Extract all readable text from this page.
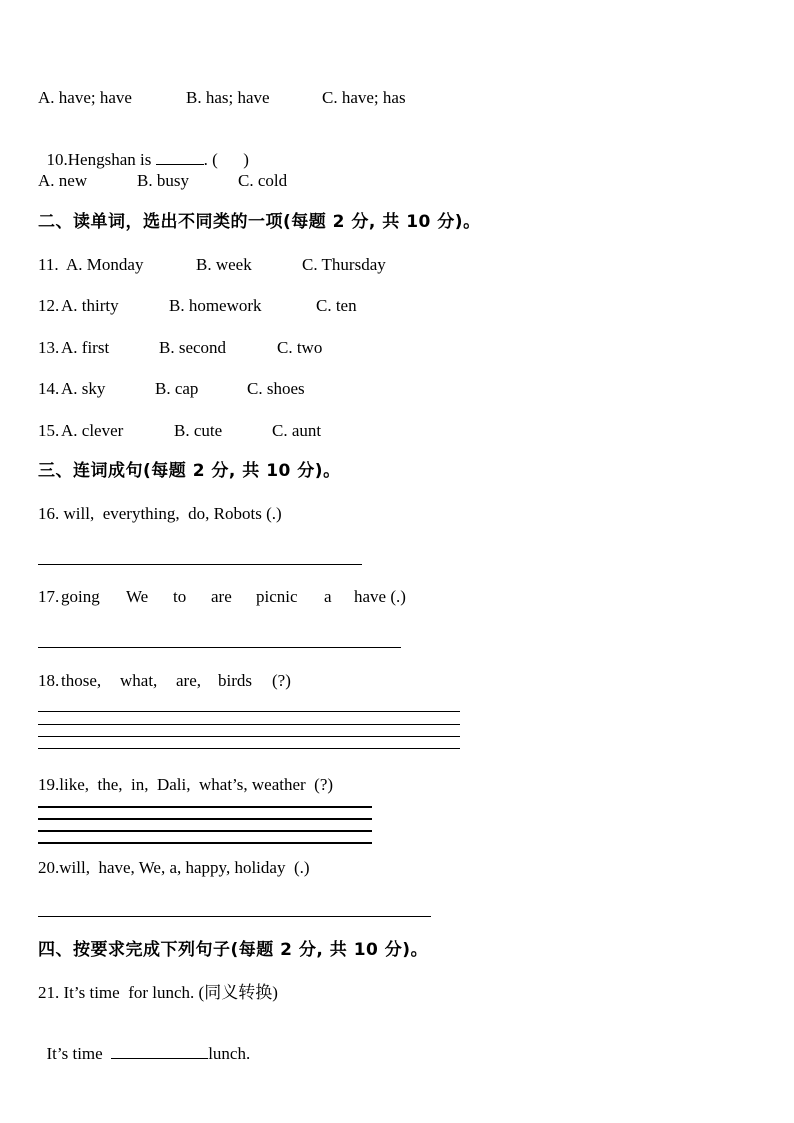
A. have; have	B. has; have	C. have; has

10.Hengshan is	. (      )

A. new	B. busy	C. cold
二、读单词，选出不同类的一项(每题 2 分, 共 10 分)。
11. A. Monday	B. week	C. Thursday
12. A. thirty	B. homework	C. ten
13. A. first	B. second	C. two
14. A. sky	B. cap	C. shoes
15. A. clever	B. cute	C. aunt
三、连词成句(每题 2 分, 共 10 分)。
16. will,  everything,  do, Robots (.)
17. going We to are picnic a have (.)
18. those, what, are, birds (?)
19.like,  the,  in,  Dali,  what’s, weather  (?)
20.will,  have, We, a, happy, holiday  (.)
四、按要求完成下列句子(每题 2 分, 共 10 分)。
21. It’s time  for lunch. (同义转换)

It’s time	lunch.
